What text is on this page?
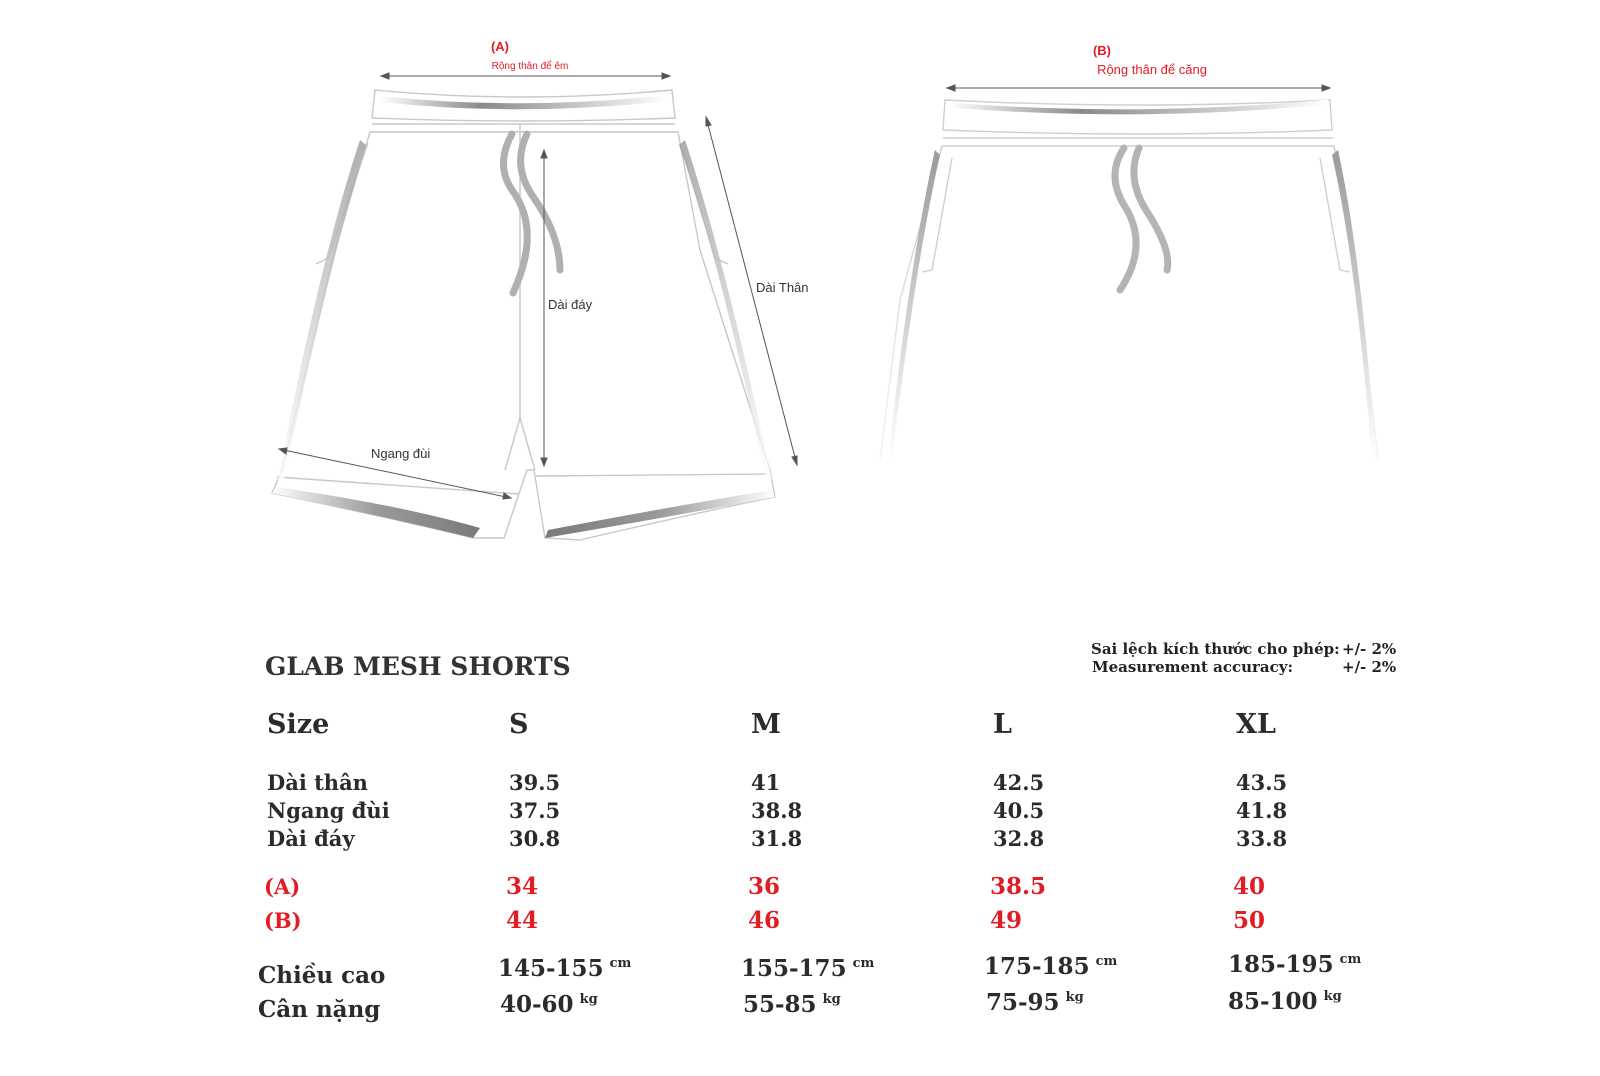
(A)
Rộng thân để êm
(B)
Rộng thân để căng
Dài đáy
Dài Thân
Ngang đùi
GLAB MESH SHORTS
Sai lệch kích thước cho phép: +/- 2%
Measurement accuracy:	+/- 2%
Size	S	M	L	XL
Dài thân	39.5	41	42.5	43.5
Ngang đùi	37.5	38.8	40.5	41.8
Dài đáy	30.8	31.8	32.8	33.8
(A)	34	36	38.5	40
(B)	44	46	49	50
Chiều cao	145-155 $^{cm}$	155-175 $^{cm}$	175-185 $^{cm}$	185-195 $^{cm}$
Cân nặng	40-60 $^{kg}$	55-85 $^{kg}$	75-95 $^{kg}$	85-100 $^{kg}$
